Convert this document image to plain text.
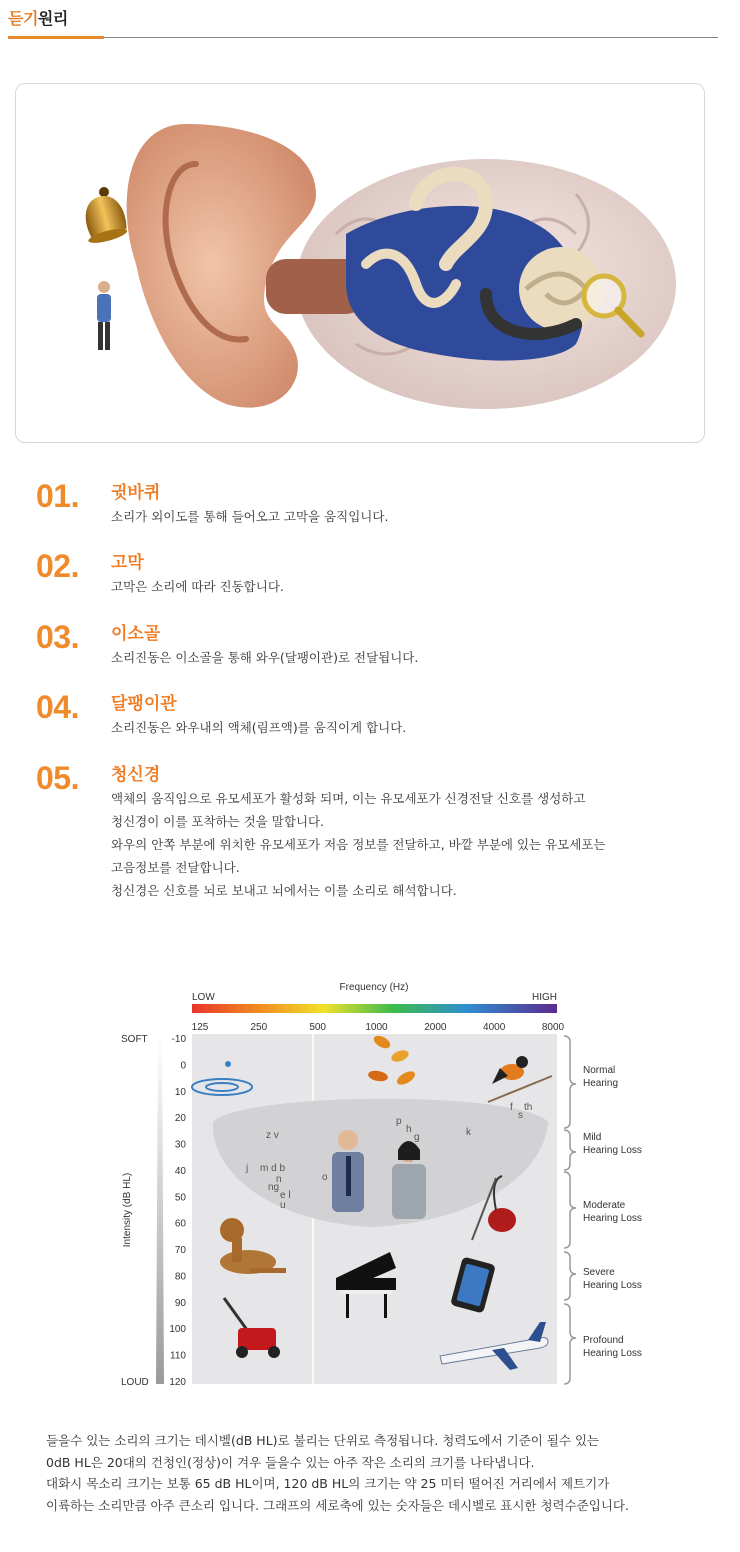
듣기원리
01. 귓바퀴
소리가 외이도를 통해 들어오고 고막을 움직입니다.
02. 고막
고막은 소리에 따라 진동합니다.
03. 이소골
소리진동은 이소골을 통해 와우(달팽이관)로 전달됩니다.
04. 달팽이관
소리진동은 와우내의 액체(림프액)를 움직이게 합니다.
05. 청신경
액체의 움직임으로 유모세포가 활성화 되며, 이는 유모세포가 신경전달 신호를 생성하고
청신경이 이를 포착하는 것을 말합니다.
와우의 안쪽 부분에 위치한 유모세포가 저음 정보를 전달하고, 바깥 부분에 있는 유모세포는
고음정보를 전달합니다.
청신경은 신호를 뇌로 보내고 뇌에서는 이를 소리로 해석합니다.
Frequency (Hz)
LOW	HIGH
125	250	500	1000	2000	4000	8000
SOFT
LOUD
Intensity (dB HL)
-10
0
10
20
30
40
50
60
70
80
90
100
110
120
Normal
Hearing
Mild
Hearing Loss
Moderate
Hearing Loss
Severe
Hearing Loss
Profound
Hearing Loss
z v
j m d b
n
ng
e l
u
o
p
h
g	k
f
s
th
들을수 있는 소리의 크기는 데시벨(dB HL)로 불리는 단위로 측정됩니다. 청력도에서 기준이 될수 있는
0dB HL은 20대의 건청인(정상)이 겨우 들을수 있는 아주 작은 소리의 크기를 나타냅니다.
대화시 목소리 크기는 보통 65 dB HL이며, 120 dB HL의 크기는 약 25 미터 떨어진 거리에서 제트기가
이륙하는 소리만큼 아주 큰소리 입니다. 그래프의 세로축에 있는 숫자들은 데시벨로 표시한 청력수준입니다.
